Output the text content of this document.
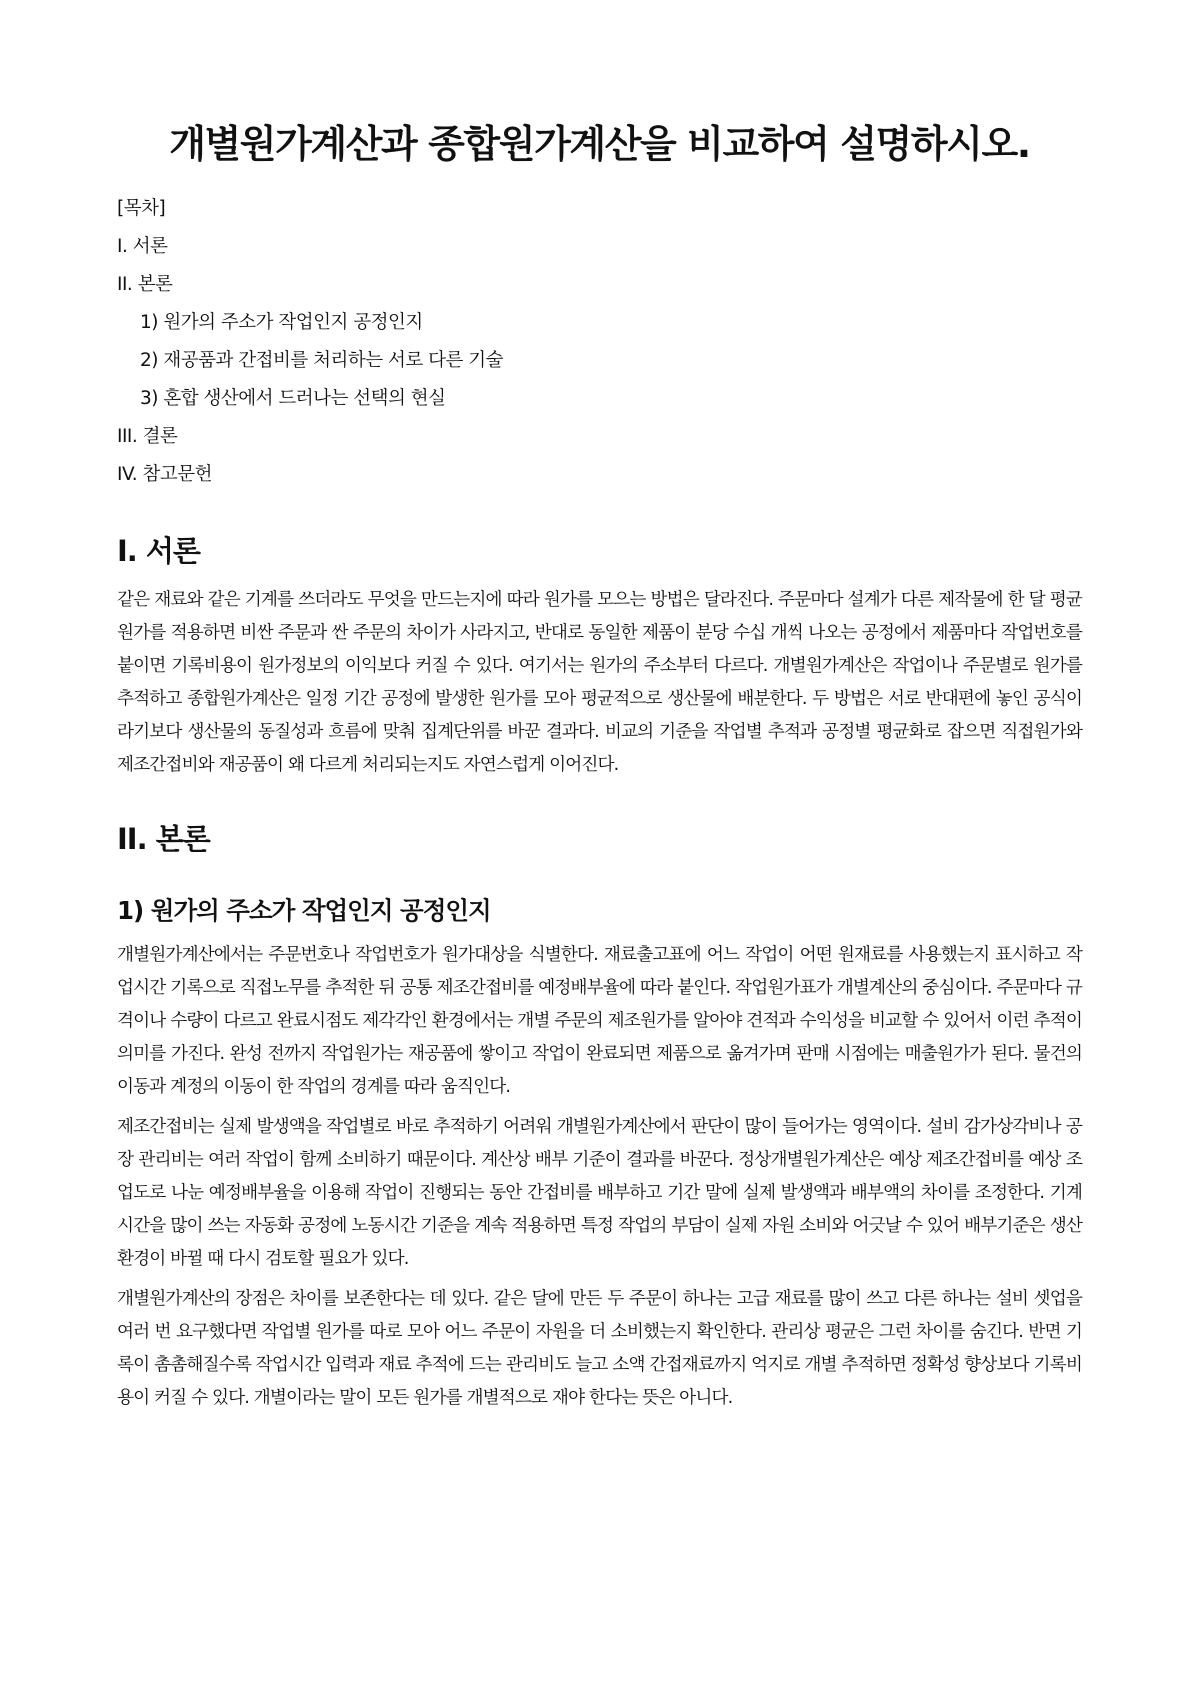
개별원가계산과 종합원가계산을 비교하여 설명하시오.
[목차]
I. 서론
II. 본론
1) 원가의 주소가 작업인지 공정인지
2) 재공품과 간접비를 처리하는 서로 다른 기술
3) 혼합 생산에서 드러나는 선택의 현실
III. 결론
IV. 참고문헌
I. 서론

같은 재료와 같은 기계를 쓰더라도 무엇을 만드는지에 따라 원가를 모으는 방법은 달라진다. 주문마다 설계가 다른 제작물에 한 달 평균원가를 적용하면 비싼 주문과 싼 주문의 차이가 사라지고, 반대로 동일한 제품이 분당 수십 개씩 나오는 공정에서 제품마다 작업번호를 붙이면 기록비용이 원가정보의 이익보다 커질 수 있다. 여기서는 원가의 주소부터 다르다. 개별원가계산은 작업이나 주문별로 원가를 추적하고 종합원가계산은 일정 기간 공정에 발생한 원가를 모아 평균적으로 생산물에 배분한다. 두 방법은 서로 반대편에 놓인 공식이라기보다 생산물의 동질성과 흐름에 맞춰 집계단위를 바꾼 결과다. 비교의 기준을 작업별 추적과 공정별 평균화로 잡으면 직접원가와 제조간접비와 재공품이 왜 다르게 처리되는지도 자연스럽게 이어진다.

II. 본론
1) 원가의 주소가 작업인지 공정인지

개별원가계산에서는 주문번호나 작업번호가 원가대상을 식별한다. 재료출고표에 어느 작업이 어떤 원재료를 사용했는지 표시하고 작업시간 기록으로 직접노무를 추적한 뒤 공통 제조간접비를 예정배부율에 따라 붙인다. 작업원가표가 개별계산의 중심이다. 주문마다 규격이나 수량이 다르고 완료시점도 제각각인 환경에서는 개별 주문의 제조원가를 알아야 견적과 수익성을 비교할 수 있어서 이런 추적이 의미를 가진다. 완성 전까지 작업원가는 재공품에 쌓이고 작업이 완료되면 제품으로 옮겨가며 판매 시점에는 매출원가가 된다. 물건의 이동과 계정의 이동이 한 작업의 경계를 따라 움직인다.

제조간접비는 실제 발생액을 작업별로 바로 추적하기 어려워 개별원가계산에서 판단이 많이 들어가는 영역이다. 설비 감가상각비나 공장 관리비는 여러 작업이 함께 소비하기 때문이다. 계산상 배부 기준이 결과를 바꾼다. 정상개별원가계산은 예상 제조간접비를 예상 조업도로 나눈 예정배부율을 이용해 작업이 진행되는 동안 간접비를 배부하고 기간 말에 실제 발생액과 배부액의 차이를 조정한다. 기계시간을 많이 쓰는 자동화 공정에 노동시간 기준을 계속 적용하면 특정 작업의 부담이 실제 자원 소비와 어긋날 수 있어 배부기준은 생산환경이 바뀔 때 다시 검토할 필요가 있다.

개별원가계산의 장점은 차이를 보존한다는 데 있다. 같은 달에 만든 두 주문이 하나는 고급 재료를 많이 쓰고 다른 하나는 설비 셋업을 여러 번 요구했다면 작업별 원가를 따로 모아 어느 주문이 자원을 더 소비했는지 확인한다. 관리상 평균은 그런 차이를 숨긴다. 반면 기록이 촘촘해질수록 작업시간 입력과 재료 추적에 드는 관리비도 늘고 소액 간접재료까지 억지로 개별 추적하면 정확성 향상보다 기록비용이 커질 수 있다. 개별이라는 말이 모든 원가를 개별적으로 재야 한다는 뜻은 아니다.
